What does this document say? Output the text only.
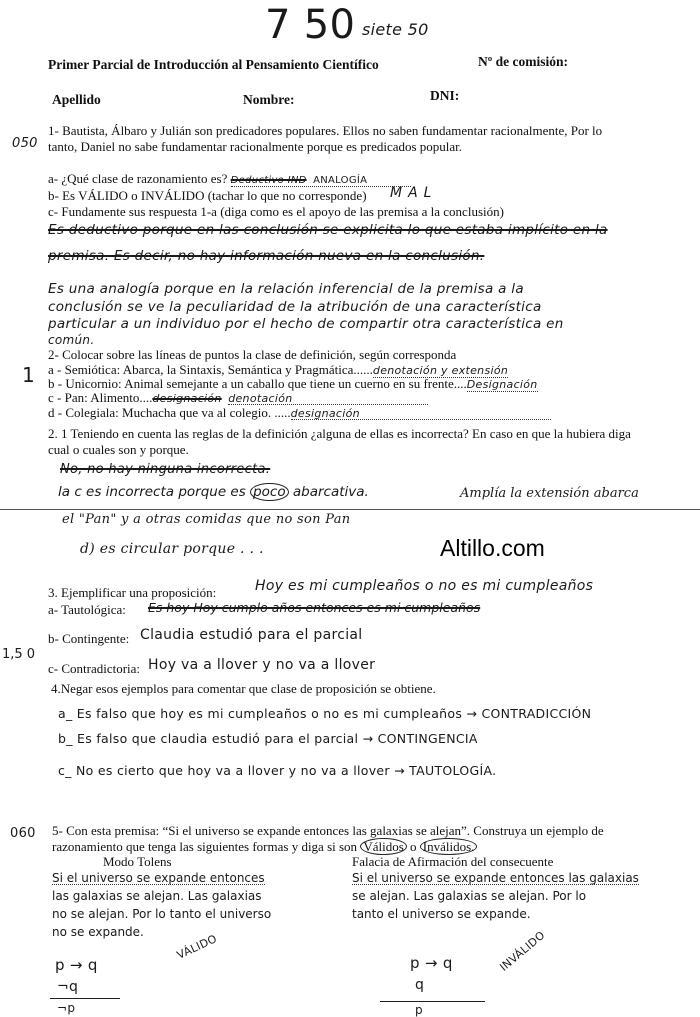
7 50 siete 50
Primer Parcial de Introducción al Pensamiento Científico	Nº de comisión:
Apellido	Nombre:	DNI:
050
1- Bautista, Álbaro y Julián son predicadores populares. Ellos no saben fundamentar racionalmente, Por lo
tanto, Daniel no sabe fundamentar racionalmente porque es predicados popular.
a- ¿Qué clase de razonamiento es? Deductivo IND ANALOGÍA
b- Es VÁLIDO o INVÁLIDO (tachar lo que no corresponde) MAL
c- Fundamente sus respuesta 1-a (diga como es el apoyo de las premisa a la conclusión)
Es deductivo porque en las conclusión se explicita lo que estaba implícito en la
premisa. Es decir, no hay información nueva en la conclusión.
Es una analogía porque en la relación inferencial de la premisa a la
conclusión se ve la peculiaridad de la atribución de una característica
particular a un individuo por el hecho de compartir otra característica en
común.
1
2- Colocar sobre las líneas de puntos la clase de definición, según corresponda
a - Semiótica: Abarca, la Sintaxis, Semántica y Pragmática......denotación y extensión
b - Unicornio: Animal semejante a un caballo que tiene un cuerno en su frente....Designación
c - Pan: Alimento....designación denotación
d - Colegiala: Muchacha que va al colegio. .....designación
2. 1 Teniendo en cuenta las reglas de la definición ¿alguna de ellas es incorrecta? En caso en que la hubiera diga
cual o cuales son y porque.
No, no hay ninguna incorrecta.
la c es incorrecta porque es poco abarcativa.	Amplía la extensión abarca
el "Pan" y a otras comidas que no son Pan
d) es circular porque . . .	Altillo.com
1,5 0
3. Ejemplificar una proposición:	Hoy es mi cumpleaños o no es mi cumpleaños
a- Tautológica: Es hoy Hoy cumplo años entonces es mi cumpleaños
b- Contingente: Claudia estudió para el parcial
c- Contradictoria: Hoy va a llover y no va a llover
4.Negar esos ejemplos para comentar que clase de proposición se obtiene.
a_ Es falso que hoy es mi cumpleaños o no es mi cumpleaños → CONTRADICCIÓN
b_ Es falso que claudia estudió para el parcial → CONTINGENCIA
c_ No es cierto que hoy va a llover y no va a llover → TAUTOLOGÍA.
060 5- Con esta premisa: “Si el universo se expande entonces las galaxias se alejan”. Construya un ejemplo de
razonamiento que tenga las siguientes formas y diga si son Válidos o Inválidos.
Modo Tolens	Falacia de Afirmación del consecuente
Si el universo se expande entonces
las galaxias se alejan. Las galaxias
no se alejan. Por lo tanto el universo
no se expande.
Si el universo se expande entonces las galaxias
se alejan. Las galaxias se alejan. Por lo
tanto el universo se expande.
VÁLIDO	INVÁLIDO
p → q
¬q
¬p
p → q
q
p
